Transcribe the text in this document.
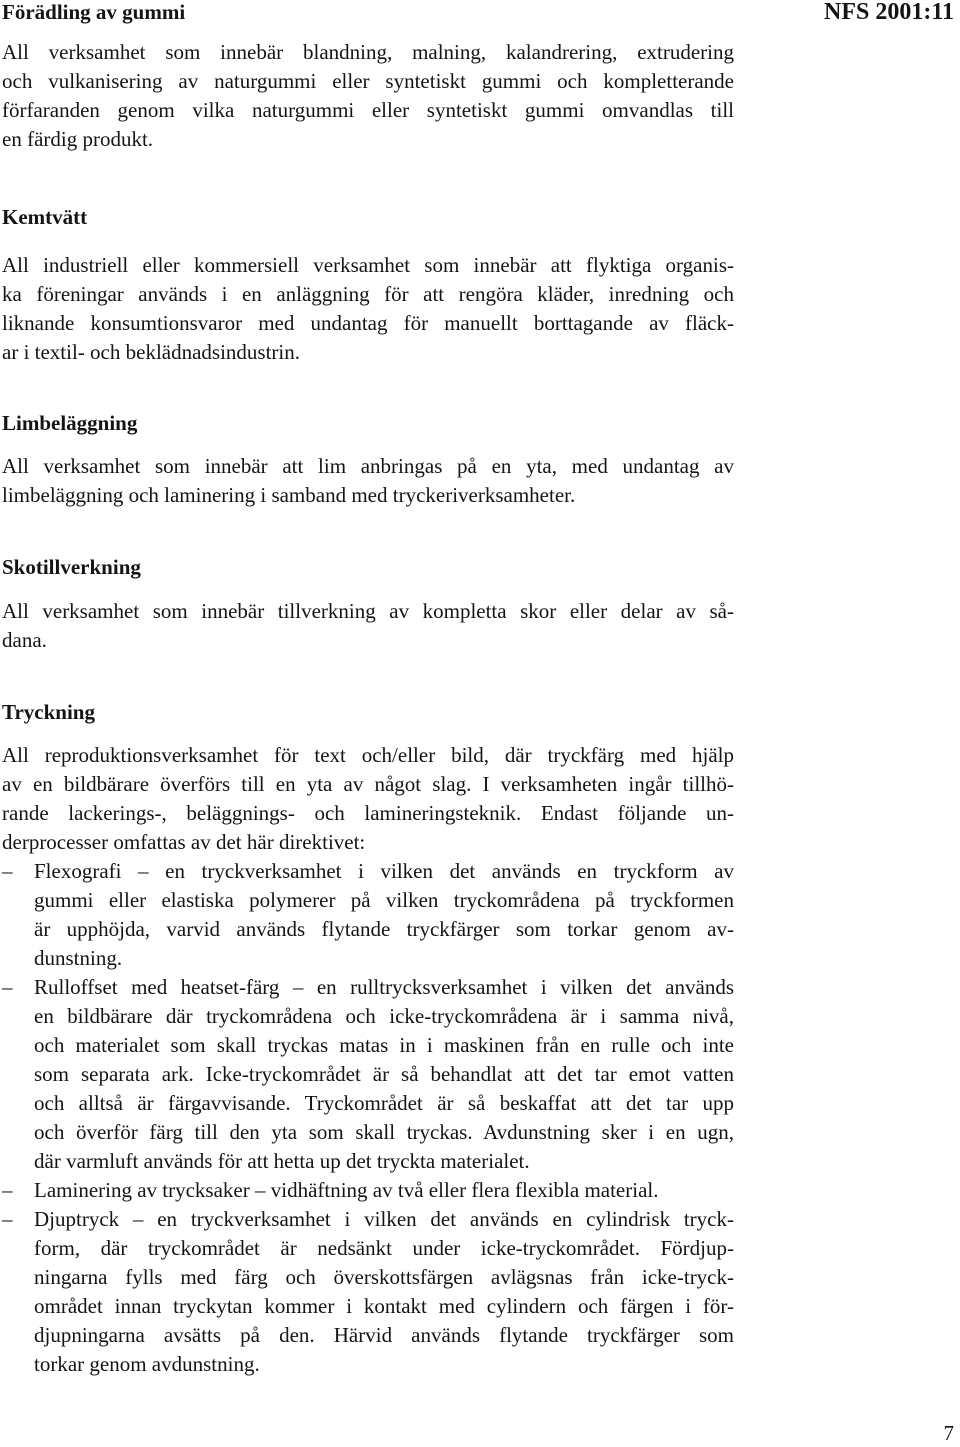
NFS 2001:11
Förädling av gummi

All verksamhet som innebär blandning, malning, kalandrering, extrudering
och vulkanisering av naturgummi eller syntetiskt gummi och kompletterande
förfaranden genom vilka naturgummi eller syntetiskt gummi omvandlas till
en färdig produkt.

Kemtvätt

All industriell eller kommersiell verksamhet som innebär att flyktiga organis-
ka föreningar används i en anläggning för att rengöra kläder, inredning och
liknande konsumtionsvaror med undantag för manuellt borttagande av fläck-
ar i textil- och beklädnadsindustrin.

Limbeläggning

All verksamhet som innebär att lim anbringas på en yta, med undantag av
limbeläggning och laminering i samband med tryckeriverksamheter.

Skotillverkning

All verksamhet som innebär tillverkning av kompletta skor eller delar av så-
dana.

Tryckning

All reproduktionsverksamhet för text och/eller bild, där tryckfärg med hjälp
av en bildbärare överförs till en yta av något slag. I verksamheten ingår tillhö-
rande lackerings-, beläggnings- och lamineringsteknik. Endast följande un-
derprocesser omfattas av det här direktivet:

– Flexografi – en tryckverksamhet i vilken det används en tryckform av
gummi eller elastiska polymerer på vilken tryckområdena på tryckformen
är upphöjda, varvid används flytande tryckfärger som torkar genom av-
dunstning.

– Rulloffset med heatset-färg – en rulltrycksverksamhet i vilken det används
en bildbärare där tryckområdena och icke-tryckområdena är i samma nivå,
och materialet som skall tryckas matas in i maskinen från en rulle och inte
som separata ark. Icke-tryckområdet är så behandlat att det tar emot vatten
och alltså är färgavvisande. Tryckområdet är så beskaffat att det tar upp
och överför färg till den yta som skall tryckas. Avdunstning sker i en ugn,
där varmluft används för att hetta up det tryckta materialet.

– Laminering av trycksaker – vidhäftning av två eller flera flexibla material.

– Djuptryck – en tryckverksamhet i vilken det används en cylindrisk tryck-
form, där tryckområdet är nedsänkt under icke-tryckområdet. Fördjup-
ningarna fylls med färg och överskottsfärgen avlägsnas från icke-tryck-
området innan tryckytan kommer i kontakt med cylindern och färgen i för-
djupningarna avsätts på den. Härvid används flytande tryckfärger som
torkar genom avdunstning.

7
